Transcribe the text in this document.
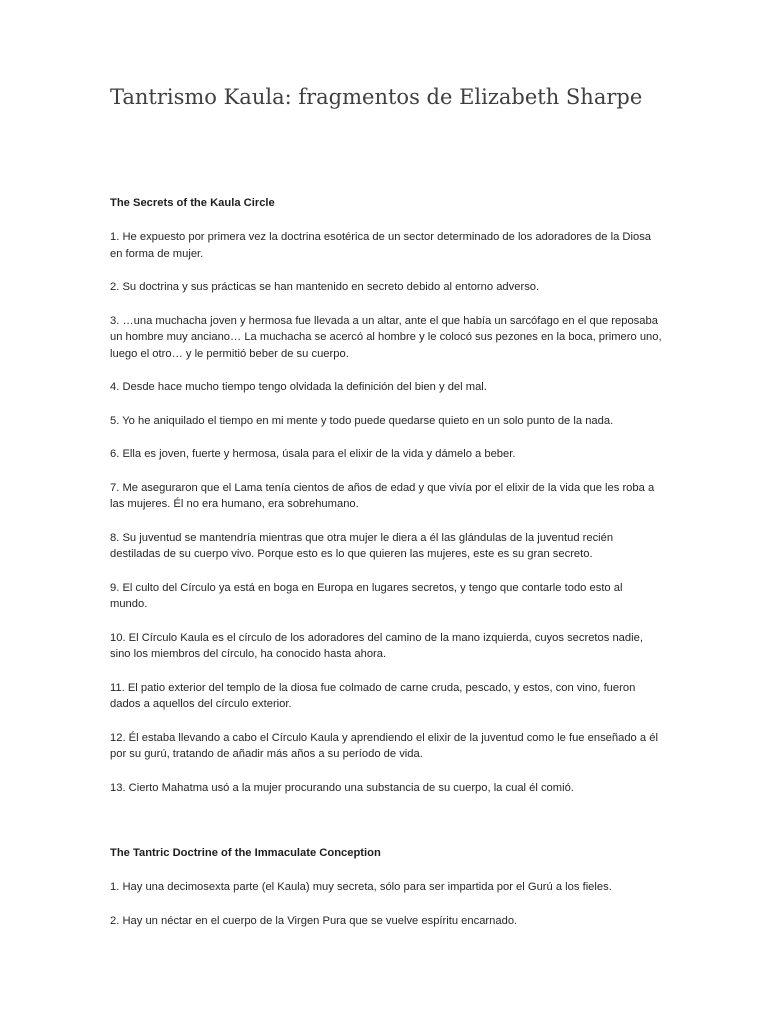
Tantrismo Kaula: fragmentos de Elizabeth Sharpe
The Secrets of the Kaula Circle

1. He expuesto por primera vez la doctrina esotérica de un sector determinado de los adoradores de la Diosa en forma de mujer.

2. Su doctrina y sus prácticas se han mantenido en secreto debido al entorno adverso.

3. …una muchacha joven y hermosa fue llevada a un altar, ante el que había un sarcófago en el que reposaba un hombre muy anciano… La muchacha se acercó al hombre y le colocó sus pezones en la boca, primero uno, luego el otro… y le permitió beber de su cuerpo.

4. Desde hace mucho tiempo tengo olvidada la definición del bien y del mal.

5. Yo he aniquilado el tiempo en mi mente y todo puede quedarse quieto en un solo punto de la nada.

6. Ella es joven, fuerte y hermosa, úsala para el elixir de la vida y dámelo a beber.

7. Me aseguraron que el Lama tenía cientos de años de edad y que vivía por el elixir de la vida que les roba a las mujeres. Él no era humano, era sobrehumano.

8. Su juventud se mantendría mientras que otra mujer le diera a él las glándulas de la juventud recién destiladas de su cuerpo vivo. Porque esto es lo que quieren las mujeres, este es su gran secreto.

9. El culto del Círculo ya está en boga en Europa en lugares secretos, y tengo que contarle todo esto al mundo.

10. El Círculo Kaula es el círculo de los adoradores del camino de la mano izquierda, cuyos secretos nadie, sino los miembros del círculo, ha conocido hasta ahora.

11. El patio exterior del templo de la diosa fue colmado de carne cruda, pescado, y estos, con vino, fueron dados a aquellos del círculo exterior.

12. Él estaba llevando a cabo el Círculo Kaula y aprendiendo el elixir de la juventud como le fue enseñado a él por su gurú, tratando de añadir más años a su período de vida.

13. Cierto Mahatma usó a la mujer procurando una substancia de su cuerpo, la cual él comió.

The Tantric Doctrine of the Immaculate Conception

1. Hay una decimosexta parte (el Kaula) muy secreta, sólo para ser impartida por el Gurú a los fieles.

2. Hay un néctar en el cuerpo de la Virgen Pura que se vuelve espíritu encarnado.
